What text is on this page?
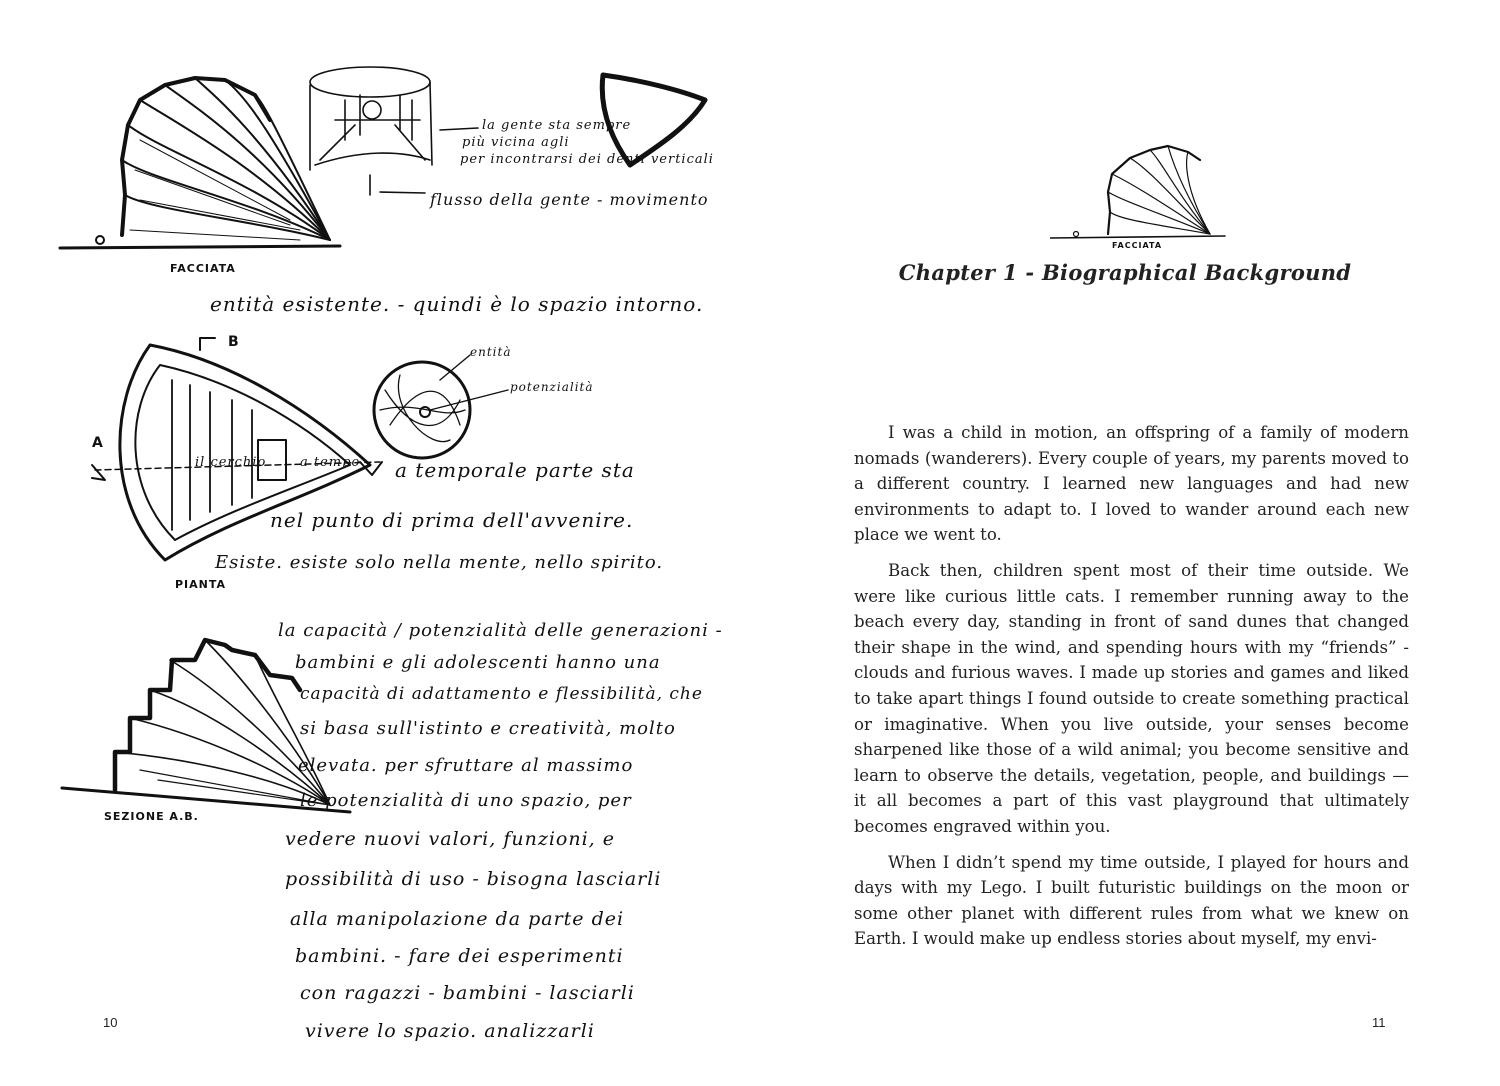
FACCIATA
PIANTA
SEZIONE A.B.
A
B
la gente sta sempre
più vicina agli
per incontrarsi dei denti verticali
flusso della gente - movimento
entità esistente. - quindi è lo spazio intorno.
entità
potenzialità
il cerchio	a tempo a temporale parte sta
nel punto di prima dell'avvenire.
Esiste. esiste solo nella mente, nello spirito.
la capacità / potenzialità delle generazioni -
bambini e gli adolescenti hanno una
capacità di adattamento e flessibilità, che
si basa sull'istinto e creatività, molto
elevata. per sfruttare al massimo
le potenzialità di uno spazio, per
vedere nuovi valori, funzioni, e
possibilità di uso - bisogna lasciarli
alla manipolazione da parte dei
bambini. - fare dei esperimenti
con ragazzi - bambini - lasciarli
vivere lo spazio. analizzarli
10
FACCIATA
Chapter 1 - Biographical Background

I was a child in motion, an offspring of a family of modern nomads (wanderers). Every couple of years, my parents moved to a different country. I learned new languages and had new environments to adapt to. I loved to wander around each new place we went to.

Back then, children spent most of their time outside. We were like curious little cats. I remember running away to the beach every day, standing in front of sand dunes that changed their shape in the wind, and spending hours with my “friends” - clouds and furious waves. I made up stories and games and liked to take apart things I found outside to create something practical or imaginative. When you live outside, your senses become sharpened like those of a wild animal; you become sensitive and learn to observe the details, vegetation, people, and buildings — it all becomes a part of this vast playground that ultimately becomes engraved within you.

When I didn’t spend my time outside, I played for hours and days with my Lego. I built futuristic buildings on the moon or some other planet with different rules from what we knew on Earth. I would make up endless stories about myself, my envi-

11
